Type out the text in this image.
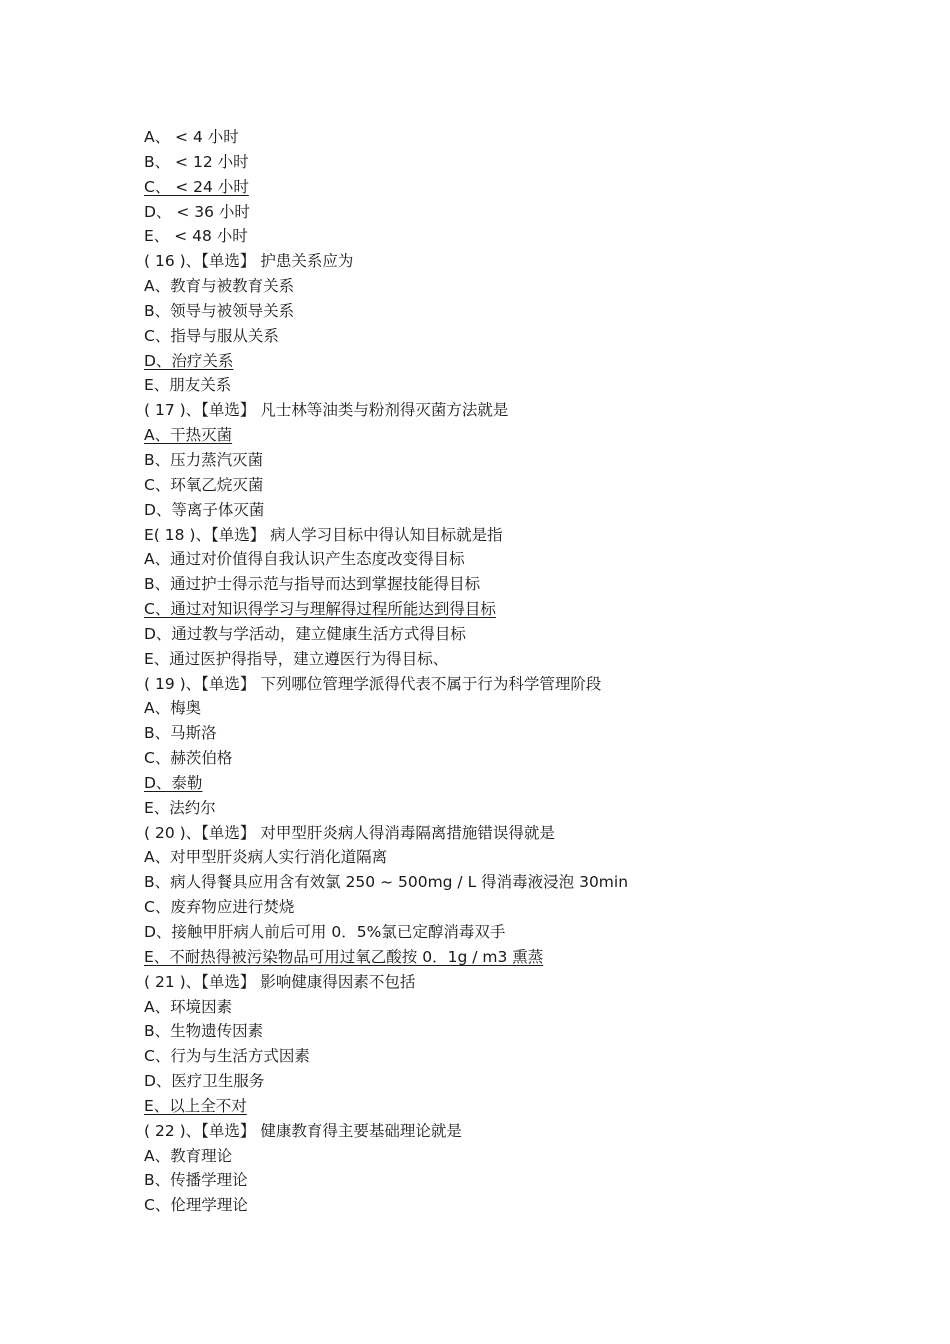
A、 < 4 小时
B、 < 12 小时
C、 < 24 小时
D、 < 36 小时
E、 < 48 小时
( 16 )、【单选】 护患关系应为
A、教育与被教育关系
B、领导与被领导关系
C、指导与服从关系
D、治疗关系
E、朋友关系
( 17 )、【单选】 凡士林等油类与粉剂得灭菌方法就是
A、干热灭菌
B、压力蒸汽灭菌
C、环氧乙烷灭菌
D、等离子体灭菌
E( 18 )、【单选】 病人学习目标中得认知目标就是指
A、通过对价值得自我认识产生态度改变得目标
B、通过护士得示范与指导而达到掌握技能得目标
C、通过对知识得学习与理解得过程所能达到得目标
D、通过教与学活动，建立健康生活方式得目标
E、通过医护得指导，建立遵医行为得目标、
( 19 )、【单选】 下列哪位管理学派得代表不属于行为科学管理阶段
A、梅奥
B、马斯洛
C、赫茨伯格
D、泰勒
E、法约尔
( 20 )、【单选】 对甲型肝炎病人得消毒隔离措施错误得就是
A、对甲型肝炎病人实行消化道隔离
B、病人得餐具应用含有效氯 250 ~ 500mg / L 得消毒液浸泡 30min
C、废弃物应进行焚烧
D、接触甲肝病人前后可用 0．5%氯已定醇消毒双手
E、不耐热得被污染物品可用过氧乙酸按 0．1g / m3 熏蒸
( 21 )、【单选】 影响健康得因素不包括
A、环境因素
B、生物遗传因素
C、行为与生活方式因素
D、医疗卫生服务
E、以上全不对
( 22 )、【单选】 健康教育得主要基础理论就是
A、教育理论
B、传播学理论
C、伦理学理论
